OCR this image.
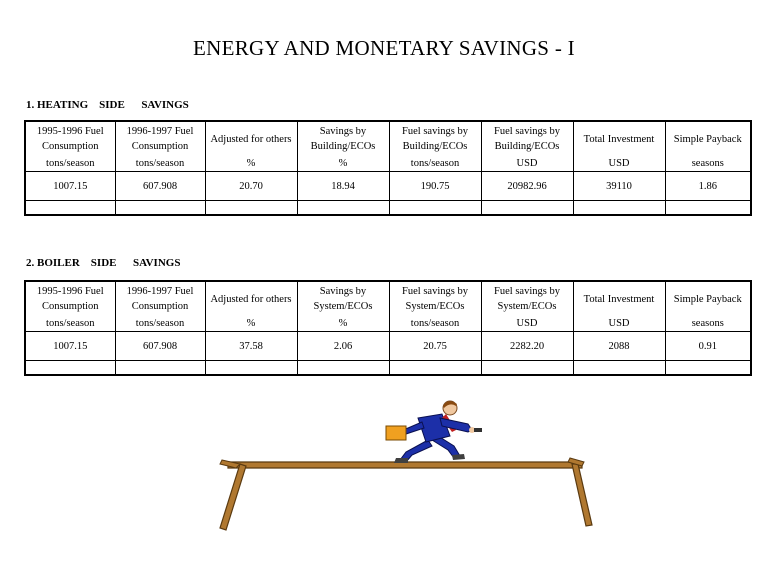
ENERGY AND MONETARY SAVINGS - I
1. HEATING    SIDE      SAVINGS
1995-1996 Fuel Consumption	1996-1997 Fuel Consumption	Adjusted for others	Savings by Building/ECOs	Fuel savings by Building/ECOs	Fuel savings by Building/ECOs	Total Investment	Simple Payback
tons/season	tons/season	%	%	tons/season	USD	USD	seasons
1007.15	607.908	20.70	18.94	190.75	20982.96	39110	1.86

2. BOILER    SIDE      SAVINGS
1995-1996 Fuel Consumption	1996-1997 Fuel Consumption	Adjusted for others	Savings by System/ECOs	Fuel savings by System/ECOs	Fuel savings by System/ECOs	Total Investment	Simple Payback
tons/season	tons/season	%	%	tons/season	USD	USD	seasons
1007.15	607.908	37.58	2.06	20.75	2282.20	2088	0.91
